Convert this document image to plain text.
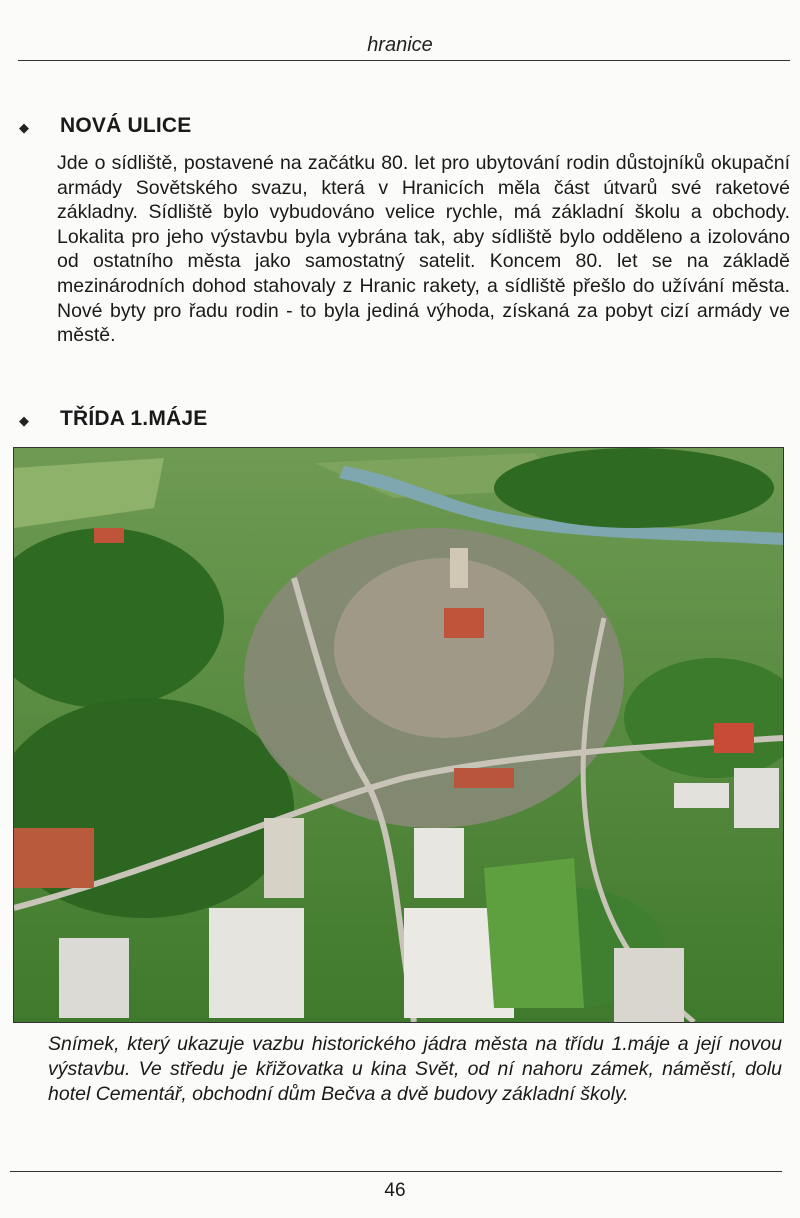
hranice
◆ NOVÁ ULICE
Jde o sídliště, postavené na začátku 80. let pro ubytování rodin důstojníků okupační armády Sovětského svazu, která v Hranicích měla část útvarů své raketové základny. Sídliště bylo vybudováno velice rychle, má základní školu a obchody. Lokalita pro jeho výstavbu byla vybrána tak, aby sídliště bylo odděleno a izolováno od ostatního města jako samostatný satelit. Koncem 80. let se na základě mezinárodních dohod stahovaly z Hranic rakety, a sídliště přešlo do užívání města. Nové byty pro řadu rodin - to byla jediná výhoda, získaná za pobyt cizí armády ve městě.
◆ TŘÍDA 1.MÁJE
Snímek, který ukazuje vazbu historického jádra města na třídu 1.máje a její novou výstavbu. Ve středu je křižovatka u kina Svět, od ní nahoru zámek, náměstí, dolu hotel Cementář, obchodní dům Bečva a dvě budovy základní školy.
46
